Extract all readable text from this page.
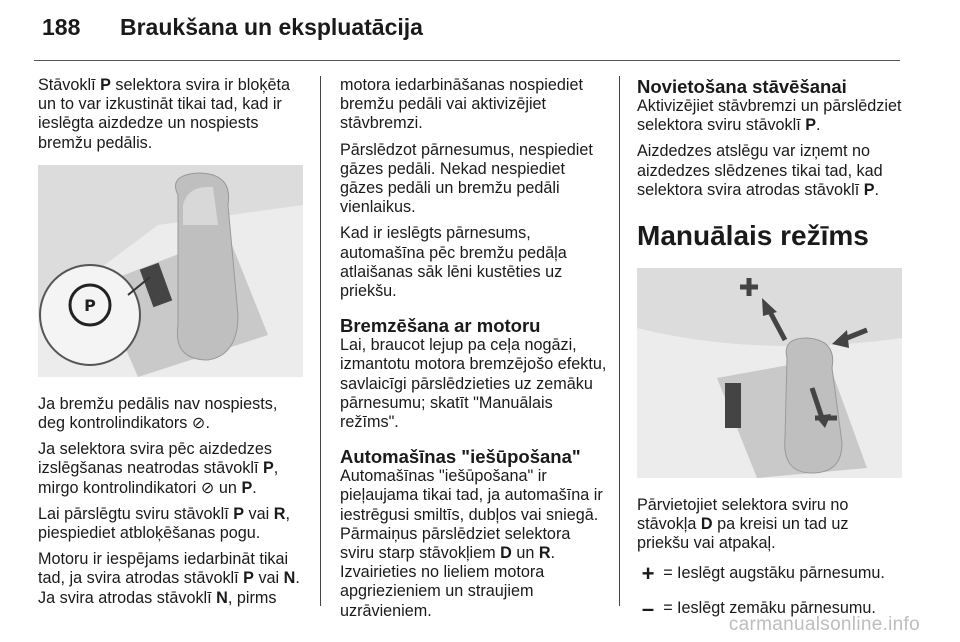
188 Braukšana un ekspluatācija

Stāvoklī P selektora svira ir bloķēta un to var izkustināt tikai tad, kad ir ieslēgta aizdedze un nospiests bremžu pedālis.

P

Ja bremžu pedālis nav nospiests, deg kontrolindikators ⊘.

Ja selektora svira pēc aizdedzes izslēgšanas neatrodas stāvoklī P, mirgo kontrolindikatori ⊘ un P.

Lai pārslēgtu sviru stāvoklī P vai R, piespiediet atbloķēšanas pogu.

Motoru ir iespējams iedarbināt tikai tad, ja svira atrodas stāvoklī P vai N. Ja svira atrodas stāvoklī N, pirms

motora iedarbināšanas nospiediet bremžu pedāli vai aktivizējiet stāvbremzi.

Pārslēdzot pārnesumus, nespiediet gāzes pedāli. Nekad nespiediet gāzes pedāli un bremžu pedāli vienlaikus.

Kad ir ieslēgts pārnesums, automašīna pēc bremžu pedāļa atlaišanas sāk lēni kustēties uz priekšu.

Bremzēšana ar motoru

Lai, braucot lejup pa ceļa nogāzi, izmantotu motora bremzējošo efektu, savlaicīgi pārslēdzieties uz zemāku pārnesumu; skatīt "Manuālais režīms".

Automašīnas "iešūpošana"

Automašīnas "iešūpošana" ir pieļaujama tikai tad, ja automašīna ir iestrēgusi smiltīs, dubļos vai sniegā. Pārmaiņus pārslēdziet selektora sviru starp stāvokļiem D un R. Izvairieties no lieliem motora apgriezieniem un straujiem uzrāvieniem.

Novietošana stāvēšanai

Aktivizējiet stāvbremzi un pārslēdziet selektora sviru stāvoklī P.

Aizdedzes atslēgu var izņemt no aizdedzes slēdzenes tikai tad, kad selektora svira atrodas stāvoklī P.

Manuālais režīms

Pārvietojiet selektora sviru no stāvokļa D pa kreisi un tad uz priekšu vai atpakaļ.

+ = Ieslēgt augstāku pārnesumu.
– = Ieslēgt zemāku pārnesumu.
carmanualsonline.info
